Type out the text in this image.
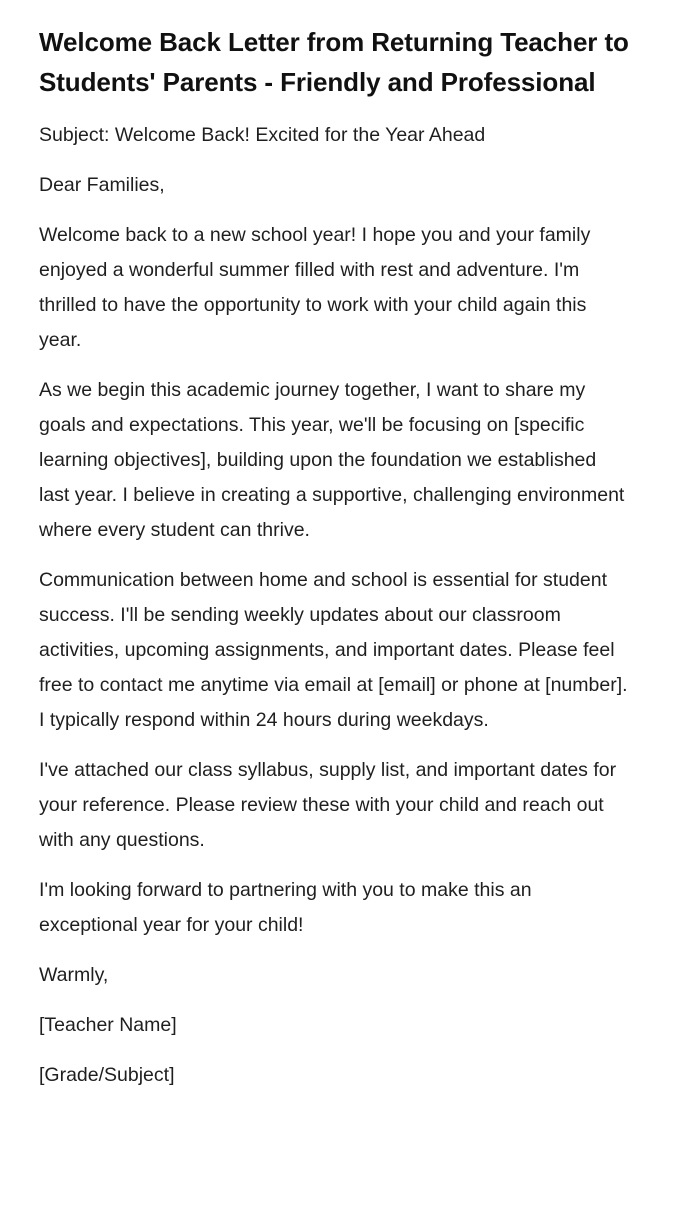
Welcome Back Letter from Returning Teacher to Students' Parents - Friendly and Professional

Subject: Welcome Back! Excited for the Year Ahead

Dear Families,

Welcome back to a new school year! I hope you and your family enjoyed a wonderful summer filled with rest and adventure. I'm thrilled to have the opportunity to work with your child again this year.

As we begin this academic journey together, I want to share my goals and expectations. This year, we'll be focusing on [specific learning objectives], building upon the foundation we established last year. I believe in creating a supportive, challenging environment where every student can thrive.

Communication between home and school is essential for student success. I'll be sending weekly updates about our classroom activities, upcoming assignments, and important dates. Please feel free to contact me anytime via email at [email] or phone at [number]. I typically respond within 24 hours during weekdays.

I've attached our class syllabus, supply list, and important dates for your reference. Please review these with your child and reach out with any questions.

I'm looking forward to partnering with you to make this an exceptional year for your child!

Warmly,

[Teacher Name]

[Grade/Subject]
